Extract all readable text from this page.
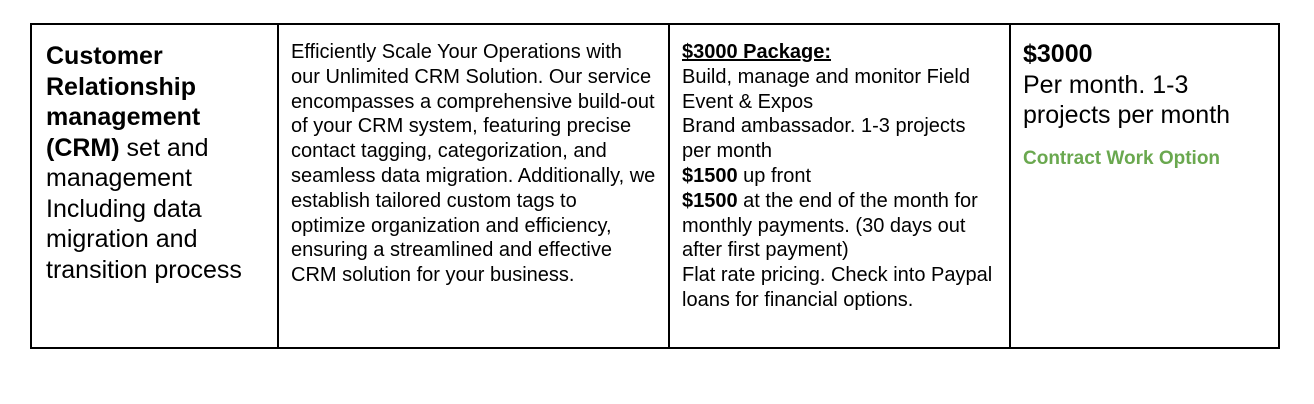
Customer Relationship management (CRM) set and management Including data migration and transition process

Efficiently Scale Your Operations with our Unlimited CRM Solution. Our service encompasses a comprehensive build-out of your CRM system, featuring precise contact tagging, categorization, and seamless data migration. Additionally, we establish tailored custom tags to optimize organization and efficiency, ensuring a streamlined and effective CRM solution for your business.

$3000 Package:
Build, manage and monitor Field Event & Expos
Brand ambassador. 1-3 projects per month
$1500 up front
$1500 at the end of the month for monthly payments. (30 days out after first payment)
Flat rate pricing. Check into Paypal loans for financial options.

$3000
Per month. 1-3 projects per month
Contract Work Option
